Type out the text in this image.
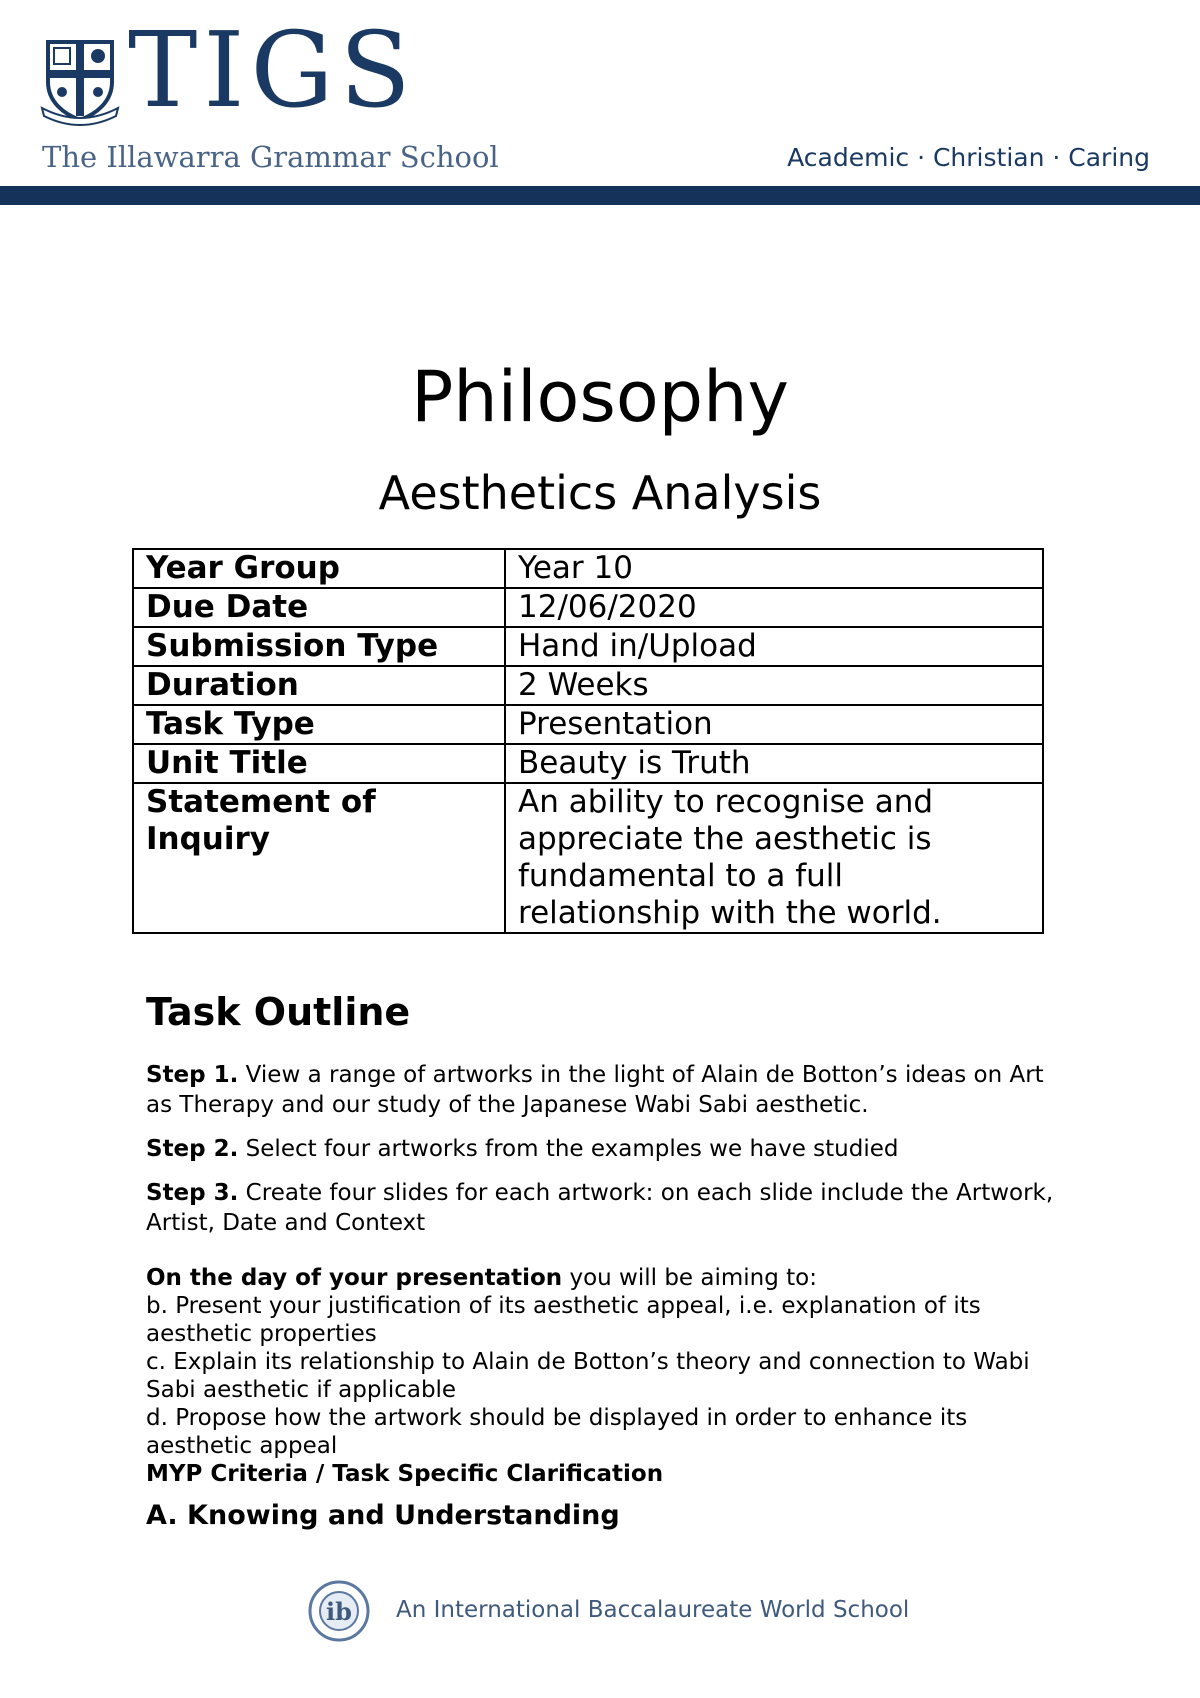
TIGS
The Illawarra Grammar School	Academic · Christian · Caring
Philosophy
Aesthetics Analysis
Year Group	Year 10
Due Date	12/06/2020
Submission Type	Hand in/Upload
Duration	2 Weeks
Task Type	Presentation
Unit Title	Beauty is Truth
Statement of Inquiry	An ability to recognise and appreciate the aesthetic is fundamental to a full relationship with the world.
Task Outline

Step 1. View a range of artworks in the light of Alain de Botton’s ideas on Art as Therapy and our study of the Japanese Wabi Sabi aesthetic.

Step 2. Select four artworks from the examples we have studied

Step 3. Create four slides for each artwork: on each slide include the Artwork, Artist, Date and Context

On the day of your presentation you will be aiming to:
b. Present your justification of its aesthetic appeal, i.e. explanation of its aesthetic properties
c. Explain its relationship to Alain de Botton’s theory and connection to Wabi Sabi aesthetic if applicable
d. Propose how the artwork should be displayed in order to enhance its aesthetic appeal
MYP Criteria / Task Specific Clarification
A. Knowing and Understanding
ib An International Baccalaureate World School
